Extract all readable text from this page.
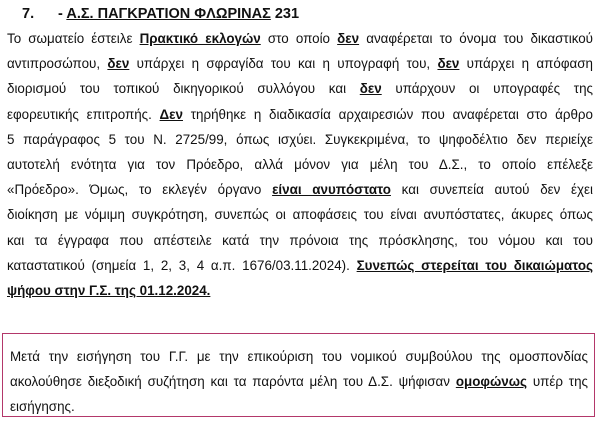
7. - Α.Σ. ΠΑΓΚΡΑΤΙΟΝ ΦΛΩΡΙΝΑΣ 231
Το σωματείο έστειλε Πρακτικό εκλογών στο οποίο δεν αναφέρεται το όνομα του δικαστικού
αντιπροσώπου, δεν υπάρχει η σφραγίδα του και η υπογραφή του, δεν υπάρχει η απόφαση
διορισμού του τοπικού δικηγορικού συλλόγου και δεν υπάρχουν οι υπογραφές της
εφορευτικής επιτροπής. Δεν τηρήθηκε η διαδικασία αρχαιρεσιών που αναφέρεται στο άρθρο
5 παράγραφος 5 του Ν. 2725/99, όπως ισχύει. Συγκεκριμένα, το ψηφοδέλτιο δεν περιείχε
αυτοτελή ενότητα για τον Πρόεδρο, αλλά μόνον για μέλη του Δ.Σ., το οποίο επέλεξε
«Πρόεδρο». Όμως, το εκλεγέν όργανο είναι ανυπόστατο και συνεπεία αυτού δεν έχει
διοίκηση με νόμιμη συγκρότηση, συνεπώς οι αποφάσεις του είναι ανυπόστατες, άκυρες όπως
και τα έγγραφα που απέστειλε κατά την πρόνοια της πρόσκλησης, του νόμου και του
καταστατικού (σημεία 1, 2, 3, 4 α.π. 1676/03.11.2024). Συνεπώς στερείται του δικαιώματος
ψήφου στην Γ.Σ. της 01.12.2024.
Μετά την εισήγηση του Γ.Γ. με την επικούριση του νομικού συμβούλου της ομοσπονδίας
ακολούθησε διεξοδική συζήτηση και τα παρόντα μέλη του Δ.Σ. ψήφισαν ομοφώνως υπέρ της
εισήγησης.
